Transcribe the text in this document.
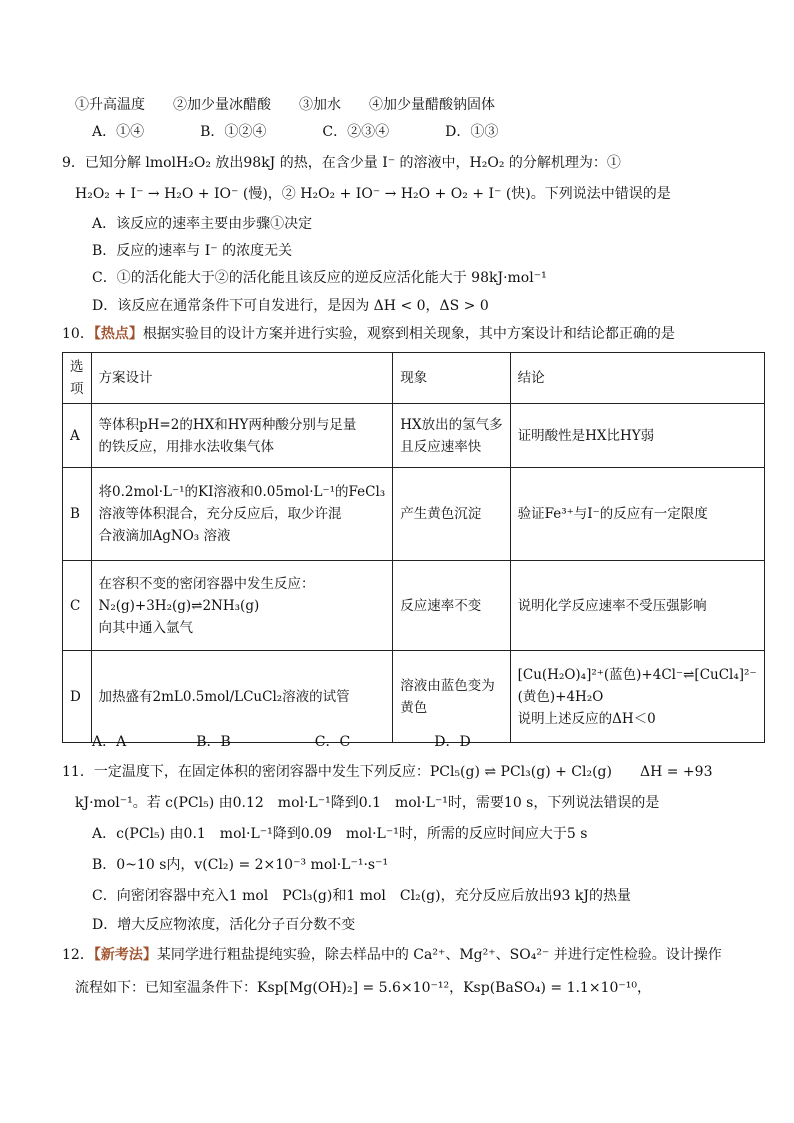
①升高温度　　②加少量冰醋酸　　③加水　　④加少量醋酸钠固体
A．①④　　　　B．①②④　　　　C．②③④　　　　D．①③
9．已知分解 lmolH₂O₂ 放出98kJ 的热，在含少量 I⁻ 的溶液中，H₂O₂ 的分解机理为：①
H₂O₂ + I⁻ → H₂O + IO⁻ (慢)，② H₂O₂ + IO⁻ → H₂O + O₂ + I⁻ (快)。下列说法中错误的是
A．该反应的速率主要由步骤①决定
B．反应的速率与 I⁻ 的浓度无关
C．①的活化能大于②的活化能且该反应的逆反应活化能大于 98kJ·mol⁻¹
D．该反应在通常条件下可自发进行，是因为 ΔH < 0，ΔS > 0
10．【热点】根据实验目的设计方案并进行实验，观察到相关现象，其中方案设计和结论都正确的是
选项	方案设计	现象	结论
A	等体积pH=2的HX和HY两种酸分别与足量
的铁反应，用排水法收集气体	HX放出的氢气多
且反应速率快	证明酸性是HX比HY弱

B	将0.2mol·L⁻¹的KI溶液和0.05mol·L⁻¹的FeCl₃
溶液等体积混合，充分反应后，取少许混
合液滴加AgNO₃ 溶液	产生黄色沉淀	验证Fe³⁺与I⁻的反应有一定限度

C	在容积不变的密闭容器中发生反应：
N₂(g)+3H₂(g)⇌2NH₃(g)
向其中通入氩气	反应速率不变	说明化学反应速率不受压强影响

D	加热盛有2mL0.5mol/LCuCl₂溶液的试管	溶液由蓝色变为
黄色	[Cu(H₂O)₄]²⁺(蓝色)+4Cl⁻⇌[CuCl₄]²⁻
(黄色)+4H₂O
说明上述反应的ΔH＜0
A．A　　　　　B．B　　　　　　C．C　　　　　　D．D
11．一定温度下，在固定体积的密闭容器中发生下列反应：PCl₅(g) ⇌ PCl₃(g) + Cl₂(g)　　ΔH = +93
kJ·mol⁻¹。若 c(PCl₅) 由0.12　mol·L⁻¹降到0.1　mol·L⁻¹时，需要10 s，下列说法错误的是
A．c(PCl₅) 由0.1　mol·L⁻¹降到0.09　mol·L⁻¹时，所需的反应时间应大于5 s
B．0~10 s内，v(Cl₂) = 2×10⁻³ mol·L⁻¹·s⁻¹
C．向密闭容器中充入1 mol　PCl₃(g)和1 mol　Cl₂(g)，充分反应后放出93 kJ的热量
D．增大反应物浓度，活化分子百分数不变
12．【新考法】某同学进行粗盐提纯实验，除去样品中的 Ca²⁺、Mg²⁺、SO₄²⁻ 并进行定性检验。设计操作
流程如下：已知室温条件下：Ksp[Mg(OH)₂] = 5.6×10⁻¹²，Ksp(BaSO₄) = 1.1×10⁻¹⁰，
